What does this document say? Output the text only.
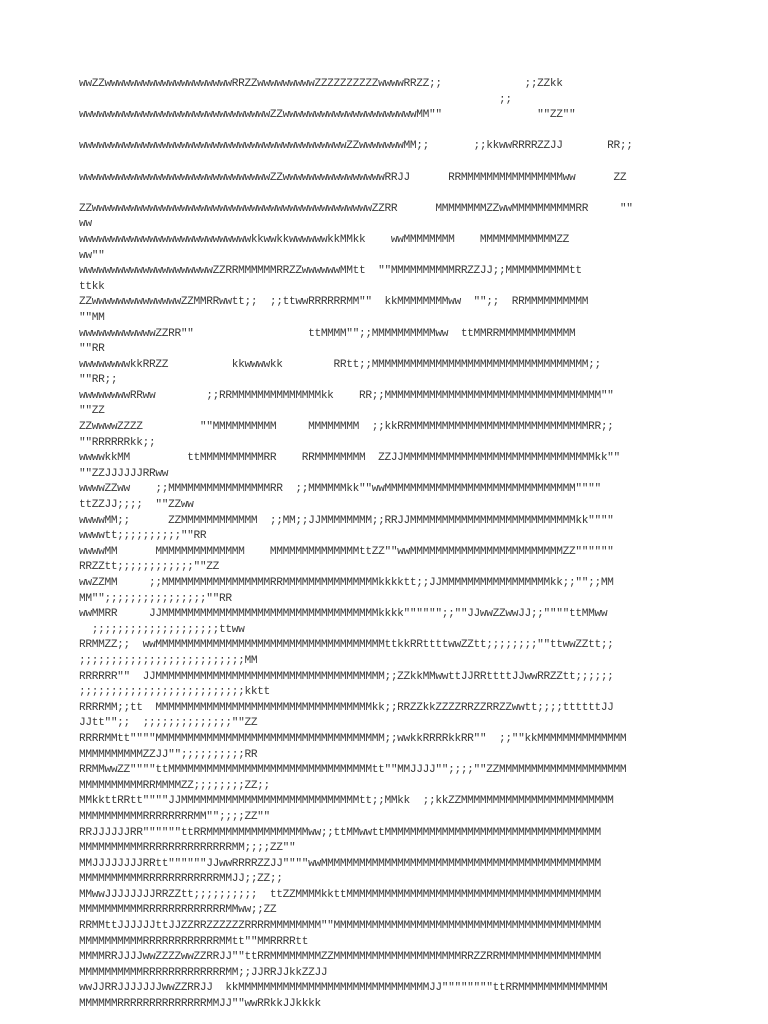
wwZZwwwwwwwwwwwwwwwwwwwwRRZZwwwwwwwwwZZZZZZZZZZwwwwRRZZ;;             ;;ZZkk
;;
wwwwwwwwwwwwwwwwwwwwwwwwwwwwwwZZwwwwwwwwwwwwwwwwwwwwwMM""               ""ZZ""

wwwwwwwwwwwwwwwwwwwwwwwwwwwwwwwwwwwwwwwwwwZZwwwwwwwMM;;       ;;kkwwRRRRZZJJ       RR;;

wwwwwwwwwwwwwwwwwwwwwwwwwwwwwwZZwwwwwwwwwwwwwwwwRRJJ      RRMMMMMMMMMMMMMMMMww      ZZ

ZZwwwwwwwwwwwwwwwwwwwwwwwwwwwwwwwwwwwwwwwwwwwwZZRR      MMMMMMMMZZwwMMMMMMMMMMRR     ""
ww
wwwwwwwwwwwwwwwwwwwwwwwwwwwkkwwkkwwwwwwkkMMkk    wwMMMMMMMM    MMMMMMMMMMMMZZ
ww""
wwwwwwwwwwwwwwwwwwwwwZZRRMMMMMMRRZZwwwwwwMMtt  ""MMMMMMMMMMRRZZJJ;;MMMMMMMMMMtt
ttkk
ZZwwwwwwwwwwwwwwZZMMRRwwtt;;  ;;ttwwRRRRRRMM""  kkMMMMMMMMww  "";;  RRMMMMMMMMMM
""MM
wwwwwwwwwwwwZZRR""                  ttMMMM"";;MMMMMMMMMMww  ttMMRRMMMMMMMMMMMM
""RR
wwwwwwwwkkRRZZ          kkwwwwkk        RRtt;;MMMMMMMMMMMMMMMMMMMMMMMMMMMMMMMMMM;;
""RR;;
wwwwwwwwRRww        ;;RRMMMMMMMMMMMMMMkk    RR;;MMMMMMMMMMMMMMMMMMMMMMMMMMMMMMMMMM""
""ZZ
ZZwwwwZZZZ         ""MMMMMMMMMM     MMMMMMMM  ;;kkRRMMMMMMMMMMMMMMMMMMMMMMMMMMMMRR;;
""RRRRRRkk;;
wwwwkkMM         ttMMMMMMMMMMRR    RRMMMMMMMM  ZZJJMMMMMMMMMMMMMMMMMMMMMMMMMMMMMMkk""
""ZZJJJJJJRRww
wwwwZZww    ;;MMMMMMMMMMMMMMMMRR  ;;MMMMMMkk""wwMMMMMMMMMMMMMMMMMMMMMMMMMMMMMM""""
ttZZJJ;;;;  ""ZZww
wwwwMM;;      ZZMMMMMMMMMMMM  ;;MM;;JJMMMMMMMM;;RRJJMMMMMMMMMMMMMMMMMMMMMMMMMMkk""""
wwwwtt;;;;;;;;;;""RR
wwwwMM      MMMMMMMMMMMMMM    MMMMMMMMMMMMMMttZZ""wwMMMMMMMMMMMMMMMMMMMMMMMMZZ""""""
RRZZtt;;;;;;;;;;;;""ZZ
wwZZMM     ;;MMMMMMMMMMMMMMMMMRRMMMMMMMMMMMMMMMkkkktt;;JJMMMMMMMMMMMMMMMMMkk;;"";;MM
MM"";;;;;;;;;;;;;;;;""RR
wwMMRR     JJMMMMMMMMMMMMMMMMMMMMMMMMMMMMMMMMMMkkkk"""""";;""JJwwZZwwJJ;;""""ttMMww
;;;;;;;;;;;;;;;;;;;;ttww
RRMMZZ;;  wwMMMMMMMMMMMMMMMMMMMMMMMMMMMMMMMMMMMMttkkRRttttwwZZtt;;;;;;;;""ttwwZZtt;;
;;;;;;;;;;;;;;;;;;;;;;;;;;MM
RRRRRR""  JJMMMMMMMMMMMMMMMMMMMMMMMMMMMMMMMMMMMM;;ZZkkMMwwttJJRRttttJJwwRRZZtt;;;;;;
;;;;;;;;;;;;;;;;;;;;;;;;;;kktt
RRRRMM;;tt  MMMMMMMMMMMMMMMMMMMMMMMMMMMMMMMMMMkk;;RRZZkkZZZZRRZZRRZZwwtt;;;;ttttttJJ
JJtt"";;  ;;;;;;;;;;;;;;""ZZ
RRRRMMtt""""MMMMMMMMMMMMMMMMMMMMMMMMMMMMMMMMMMMM;;wwkkRRRRkkRR""  ;;""kkMMMMMMMMMMMMMM
MMMMMMMMMMZZJJ"";;;;;;;;;;RR
RRMMwwZZ""""ttMMMMMMMMMMMMMMMMMMMMMMMMMMMMMMMMtt""MMJJJJ"";;;;""ZZMMMMMMMMMMMMMMMMMMMM
MMMMMMMMMMRRMMMMZZ;;;;;;;;ZZ;;
MMkkttRRtt""""JJMMMMMMMMMMMMMMMMMMMMMMMMMMMMtt;;MMkk  ;;kkZZMMMMMMMMMMMMMMMMMMMMMMMM
MMMMMMMMMMRRRRRRRRMM"";;;;ZZ""
RRJJJJJJRR""""""ttRRMMMMMMMMMMMMMMMMww;;ttMMwwttMMMMMMMMMMMMMMMMMMMMMMMMMMMMMMMMMM
MMMMMMMMMMRRRRRRRRRRRRRRMM;;;;ZZ""
MMJJJJJJJJRRtt""""""JJwwRRRRZZJJ""""wwMMMMMMMMMMMMMMMMMMMMMMMMMMMMMMMMMMMMMMMMMMMM
MMMMMMMMMMRRRRRRRRRRRRMMJJ;;ZZ;;
MMwwJJJJJJJJRRZZtt;;;;;;;;;;  ttZZMMMMkkttMMMMMMMMMMMMMMMMMMMMMMMMMMMMMMMMMMMMMMMM
MMMMMMMMMMRRRRRRRRRRRRRMMww;;ZZ
RRMMttJJJJJJttJJZZRRZZZZZZRRRRMMMMMMMM""MMMMMMMMMMMMMMMMMMMMMMMMMMMMMMMMMMMMMMMMMM
MMMMMMMMMMRRRRRRRRRRRRMMtt""MMRRRRtt
MMMMRRJJJJwwZZZZwwZZRRJJ""ttRRMMMMMMMMZZMMMMMMMMMMMMMMMMMMMMRRZZRRMMMMMMMMMMMMMMMM
MMMMMMMMMMRRRRRRRRRRRRRMM;;JJRRJJkkZZJJ
wwJJRRJJJJJJJwwZZRRJJ  kkMMMMMMMMMMMMMMMMMMMMMMMMMMMMMMJJ""""""""ttRRMMMMMMMMMMMMMM
MMMMMMRRRRRRRRRRRRRRMMJJ""wwRRkkJJkkkk
